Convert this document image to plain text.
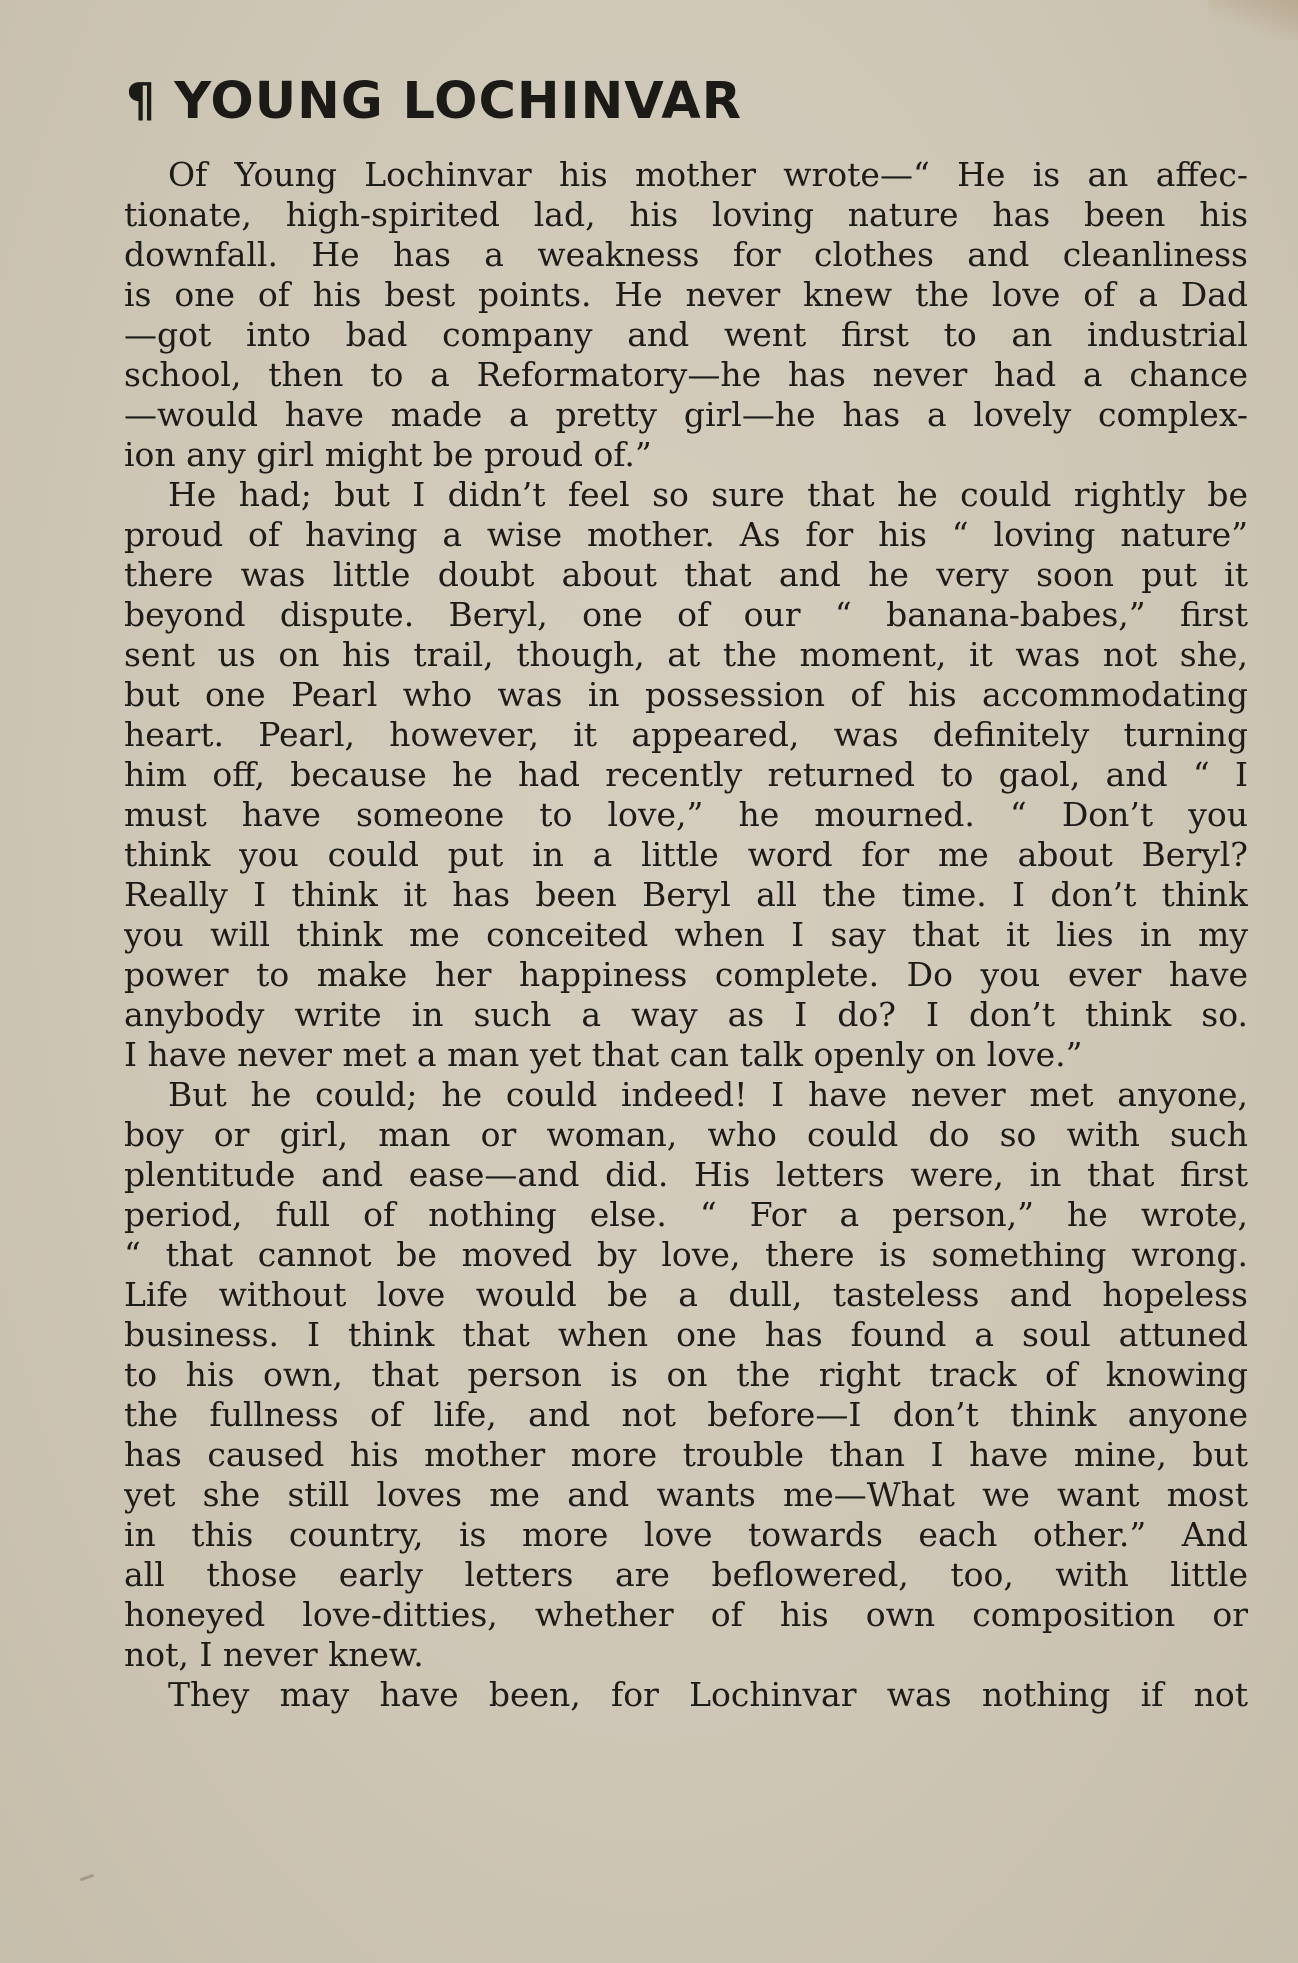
¶ YOUNG LOCHINVAR
Of Young Lochinvar his mother wrote—“ He is an affec-
tionate, high-spirited lad, his loving nature has been his
downfall. He has a weakness for clothes and cleanliness
is one of his best points. He never knew the love of a Dad
—got into bad company and went first to an industrial
school, then to a Reformatory—he has never had a chance
—would have made a pretty girl—he has a lovely complex-
ion any girl might be proud of.”
He had; but I didn’t feel so sure that he could rightly be
proud of having a wise mother. As for his “ loving nature”
there was little doubt about that and he very soon put it
beyond dispute. Beryl, one of our “ banana-babes,” first
sent us on his trail, though, at the moment, it was not she,
but one Pearl who was in possession of his accommodating
heart. Pearl, however, it appeared, was definitely turning
him off, because he had recently returned to gaol, and “ I
must have someone to love,” he mourned. “ Don’t you
think you could put in a little word for me about Beryl?
Really I think it has been Beryl all the time. I don’t think
you will think me conceited when I say that it lies in my
power to make her happiness complete. Do you ever have
anybody write in such a way as I do? I don’t think so.
I have never met a man yet that can talk openly on love.”
But he could; he could indeed! I have never met anyone,
boy or girl, man or woman, who could do so with such
plentitude and ease—and did. His letters were, in that first
period, full of nothing else. “ For a person,” he wrote,
“ that cannot be moved by love, there is something wrong.
Life without love would be a dull, tasteless and hopeless
business. I think that when one has found a soul attuned
to his own, that person is on the right track of knowing
the fullness of life, and not before—I don’t think anyone
has caused his mother more trouble than I have mine, but
yet she still loves me and wants me—What we want most
in this country, is more love towards each other.” And
all those early letters are beflowered, too, with little
honeyed love-ditties, whether of his own composition or
not, I never knew.
They may have been, for Lochinvar was nothing if not
